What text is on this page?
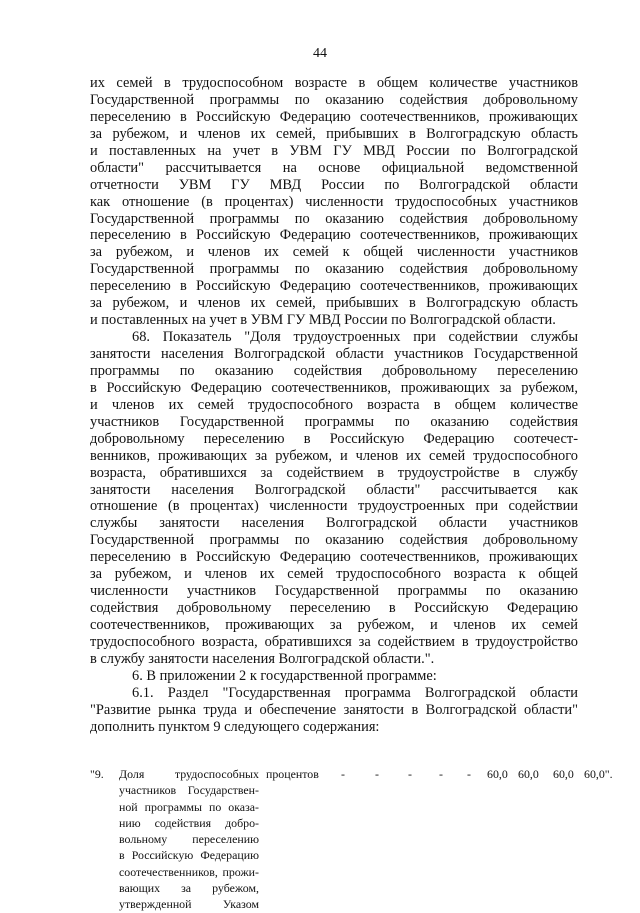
44
их семей в трудоспособном возрасте в общем количестве участников
Государственной программы по оказанию содействия добровольному
переселению в Российскую Федерацию соотечественников, проживающих
за рубежом, и членов их семей, прибывших в Волгоградскую область
и поставленных на учет в УВМ ГУ МВД России по Волгоградской
области" рассчитывается на основе официальной ведомственной
отчетности УВМ ГУ МВД России по Волгоградской области
как отношение (в процентах) численности трудоспособных участников
Государственной программы по оказанию содействия добровольному
переселению в Российскую Федерацию соотечественников, проживающих
за рубежом, и членов их семей к общей численности участников
Государственной программы по оказанию содействия добровольному
переселению в Российскую Федерацию соотечественников, проживающих
за рубежом, и членов их семей, прибывших в Волгоградскую область
и поставленных на учет в УВМ ГУ МВД России по Волгоградской области.
68. Показатель "Доля трудоустроенных при содействии службы
занятости населения Волгоградской области участников Государственной
программы по оказанию содействия добровольному переселению
в Российскую Федерацию соотечественников, проживающих за рубежом,
и членов их семей трудоспособного возраста в общем количестве
участников Государственной программы по оказанию содействия
добровольному переселению в Российскую Федерацию соотечест-
венников, проживающих за рубежом, и членов их семей трудоспособного
возраста, обратившихся за содействием в трудоустройстве в службу
занятости населения Волгоградской области" рассчитывается как
отношение (в процентах) численности трудоустроенных при содействии
службы занятости населения Волгоградской области участников
Государственной программы по оказанию содействия добровольному
переселению в Российскую Федерацию соотечественников, проживающих
за рубежом, и членов их семей трудоспособного возраста к общей
численности участников Государственной программы по оказанию
содействия добровольному переселению в Российскую Федерацию
соотечественников, проживающих за рубежом, и членов их семей
трудоспособного возраста, обратившихся за содействием в трудоустройство
в службу занятости населения Волгоградской области.".
6. В приложении 2 к государственной программе:
6.1. Раздел "Государственная программа Волгоградской области
"Развитие рынка труда и обеспечение занятости в Волгоградской области"
дополнить пунктом 9 следующего содержания:
"9. Доля трудоспособных
участников Государствен-
ной программы по оказа-
нию содействия добро-
вольному переселению
в Российскую Федерацию
соотечественников, прожи-
вающих за рубежом,
утвержденной Указом
процентов -	- - - - 60,0 60,0 60,0 60,0".
